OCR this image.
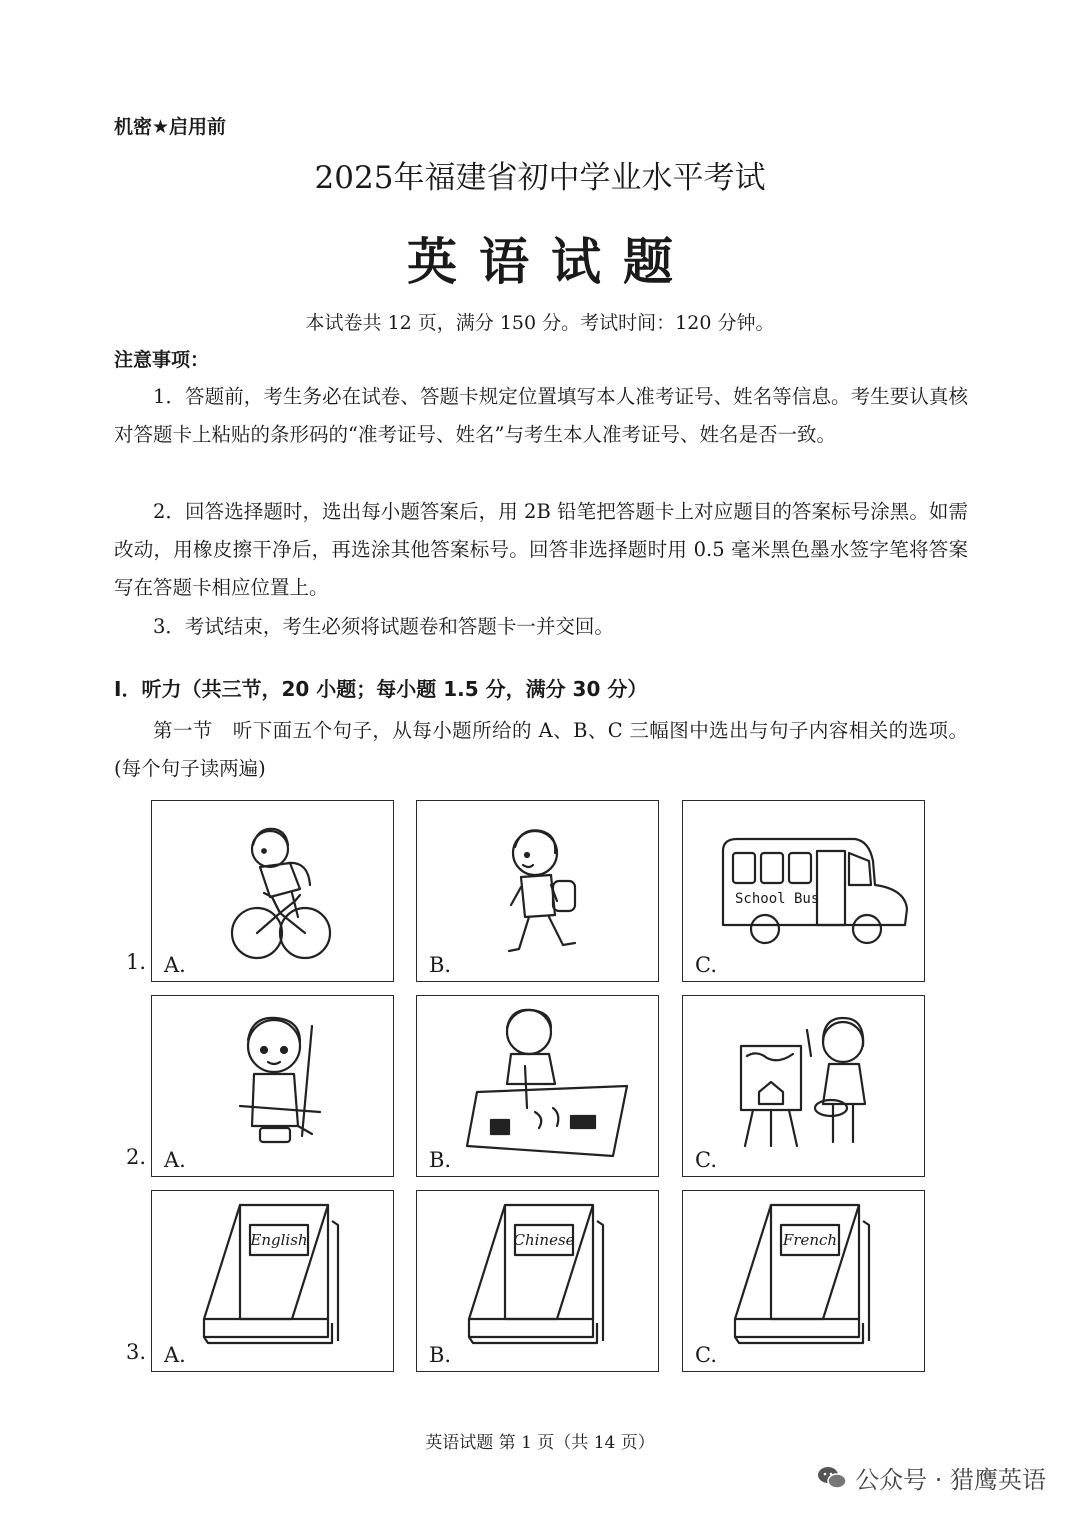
机密★启用前
2025年福建省初中学业水平考试
英语试题
本试卷共 12 页，满分 150 分。考试时间：120 分钟。
注意事项：
1．答题前，考生务必在试卷、答题卡规定位置填写本人准考证号、姓名等信息。考生要认真核对答题卡上粘贴的条形码的“准考证号、姓名”与考生本人准考证号、姓名是否一致。
2．回答选择题时，选出每小题答案后，用 2B 铅笔把答题卡上对应题目的答案标号涂黑。如需改动，用橡皮擦干净后，再选涂其他答案标号。回答非选择题时用 0.5 毫米黑色墨水签字笔将答案写在答题卡相应位置上。
3．考试结束，考生必须将试题卷和答题卡一并交回。
Ⅰ．听力（共三节，20 小题；每小题 1.5 分，满分 30 分）
第一节　听下面五个句子，从每小题所给的 A、B、C 三幅图中选出与句子内容相关的选项。(每个句子读两遍)
1. A.	B.
School Bus
C.
2. A.	B.	C.
3.
English
A.
Chinese
B.
French
C.
英语试题 第 1 页（共 14 页）
公众号 · 猎鹰英语
